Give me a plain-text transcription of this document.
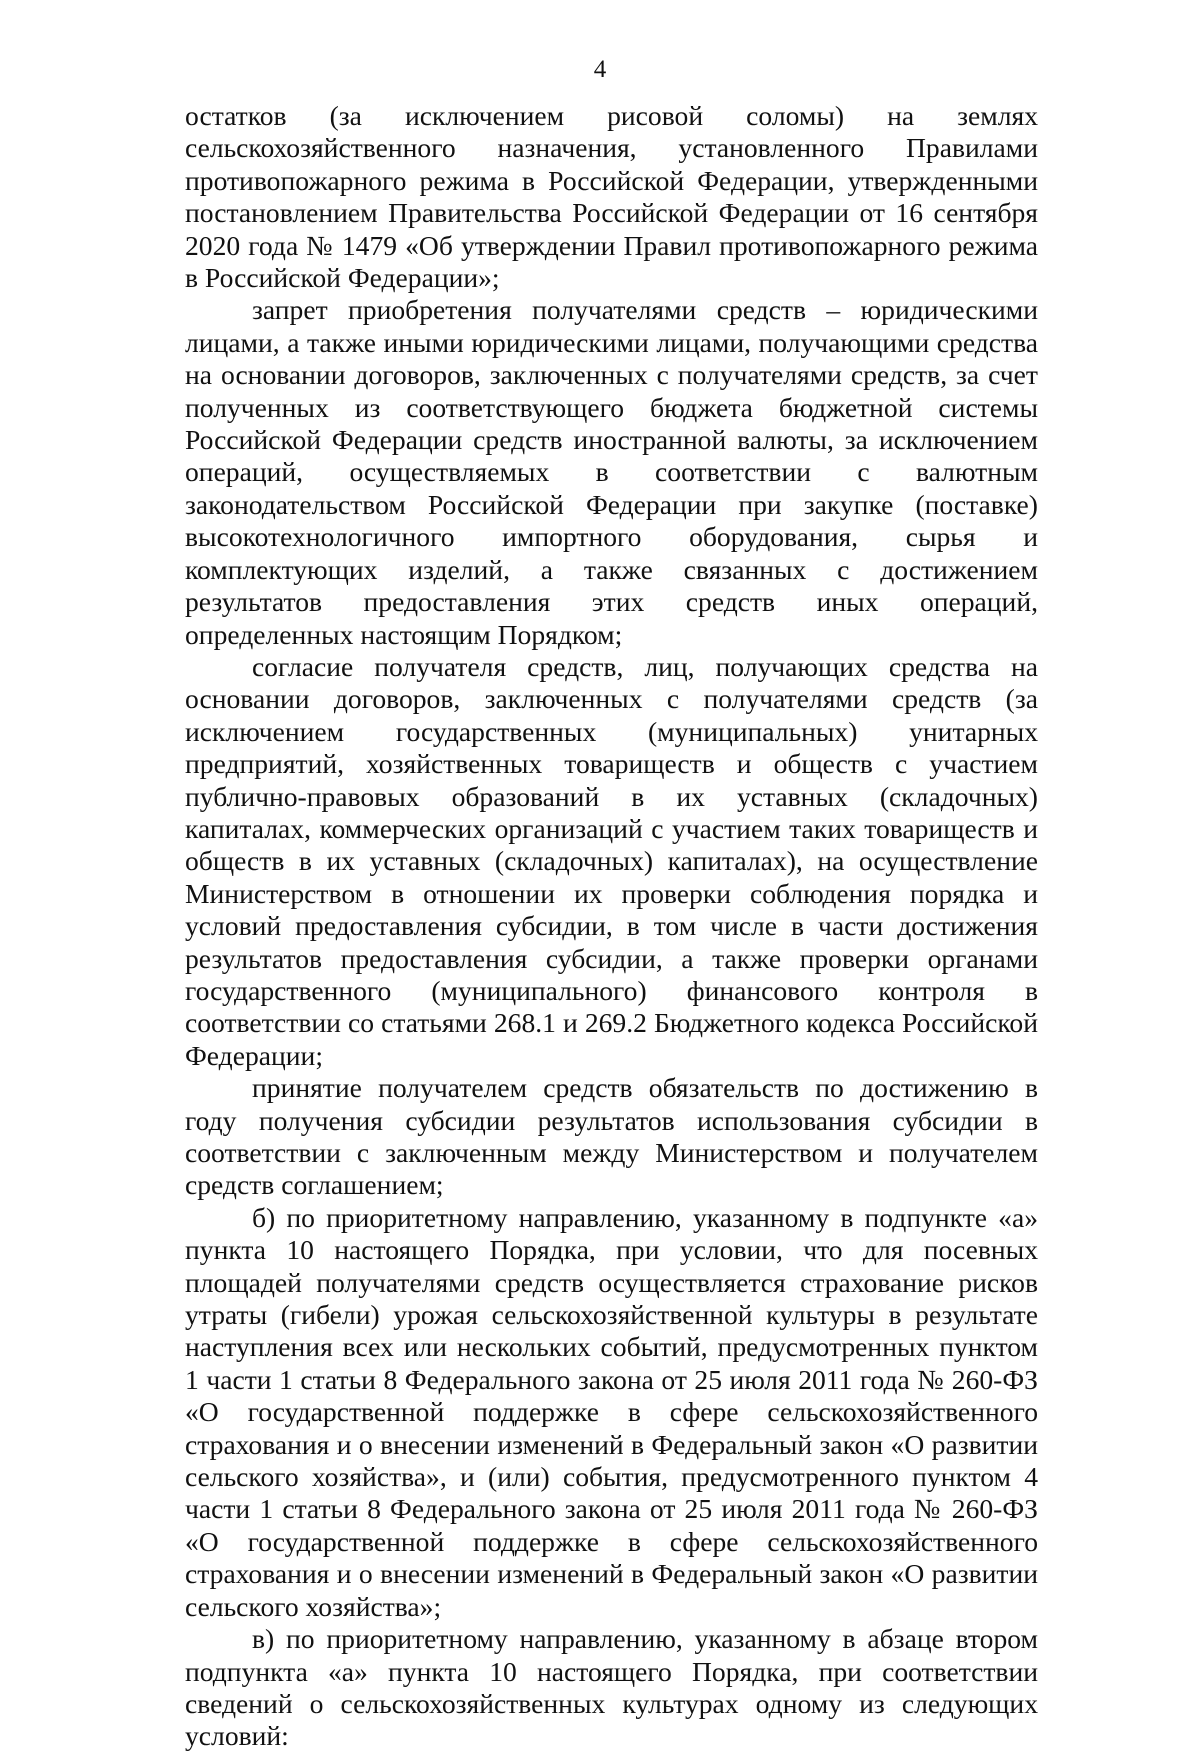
4

остатков (за исключением рисовой соломы) на землях сельскохозяйственного назначения, установленного Правилами противопожарного режима в Российской Федерации, утвержденными постановлением Правительства Российской Федерации от 16 сентября 2020 года № 1479 «Об утверждении Правил противопожарного режима в Российской Федерации»;

запрет приобретения получателями средств – юридическими лицами, а также иными юридическими лицами, получающими средства на основании договоров, заключенных с получателями средств, за счет полученных из соответствующего бюджета бюджетной системы Российской Федерации средств иностранной валюты, за исключением операций, осуществляемых в соответствии с валютным законодательством Российской Федерации при закупке (поставке) высокотехнологичного импортного оборудования, сырья и комплектующих изделий, а также связанных с достижением результатов предоставления этих средств иных операций, определенных настоящим Порядком;

согласие получателя средств, лиц, получающих средства на основании договоров, заключенных с получателями средств (за исключением государственных (муниципальных) унитарных предприятий, хозяйственных товариществ и обществ с участием публично-правовых образований в их уставных (складочных) капиталах, коммерческих организаций с участием таких товариществ и обществ в их уставных (складочных) капиталах), на осуществление Министерством в отношении их проверки соблюдения порядка и условий предоставления субсидии, в том числе в части достижения результатов предоставления субсидии, а также проверки органами государственного (муниципального) финансового контроля в соответствии со статьями 268.1 и 269.2 Бюджетного кодекса Российской Федерации;

принятие получателем средств обязательств по достижению в году получения субсидии результатов использования субсидии в соответствии с заключенным между Министерством и получателем средств соглашением;

б) по приоритетному направлению, указанному в подпункте «а» пункта 10 настоящего Порядка, при условии, что для посевных площадей получателями средств осуществляется страхование рисков утраты (гибели) урожая сельскохозяйственной культуры в результате наступления всех или нескольких событий, предусмотренных пунктом 1 части 1 статьи 8 Федерального закона от 25 июля 2011 года № 260-ФЗ «О государственной поддержке в сфере сельскохозяйственного страхования и о внесении изменений в Федеральный закон «О развитии сельского хозяйства», и (или) события, предусмотренного пунктом 4 части 1 статьи 8 Федерального закона от 25 июля 2011 года № 260-ФЗ «О государственной поддержке в сфере сельскохозяйственного страхования и о внесении изменений в Федеральный закон «О развитии сельского хозяйства»;

в) по приоритетному направлению, указанному в абзаце втором подпункта «а» пункта 10 настоящего Порядка, при соответствии сведений о сельскохозяйственных культурах одному из следующих условий:
